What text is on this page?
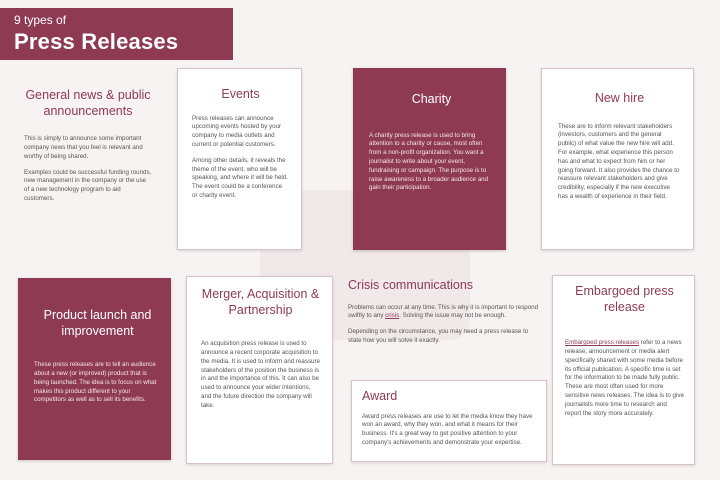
9 types of
Press Releases
General news & public announcements

This is simply to announce some important company news that you feel is relevant and worthy of being shared.

Examples could be successful funding rounds, new management in the company or the use of a new technology program to aid customers.

Events

Press releases can announce upcoming events hosted by your company to media outlets and current or potential customers.

Among other details, it reveals the theme of the event, who will be speaking, and where it will be held. The event could be a conference or charity event.

Charity

A charity press release is used to bring attention to a charity or cause, most often from a non-profit organization. You want a journalist to write about your event, fundraising or campaign. The purpose is to raise awareness to a broader audience and gain their participation.

New hire

These are to inform relevant stakeholders (investors, customers and the general public) of what value the new hire will add. For example, what experience this person has and what to expect from him or her going forward. It also provides the chance to reassure relevant stakeholders and give credibility, especially if the new executive has a wealth of experience in their field.

Product launch and improvement

These press releases are to tell an audience about a new (or improved) product that is being launched. The idea is to focus on what makes this product different to your competitors as well as to sell its benefits.

Merger, Acquisition & Partnership

An acquisition press release is used to announce a recent corporate acquisition to the media. It is used to inform and reassure stakeholders of the position the business is in and the importance of this. It can also be used to announce your wider intentions, and the future direction the company will take.

Crisis communications

Problems can occur at any time. This is why it is important to respond swiftly to any crisis. Solving the issue may not be enough.

Depending on the circumstance, you may need a press release to state how you will solve it exactly.

Award

Award press releases are use to let the media know they have won an award, why they won, and what it means for their business. It's a great way to get positive attention to your company's achievements and demonstrate your expertise.

Embargoed press release

Embargoed press releases refer to a news release, announcement or media alert specifically shared with some media before its official publication. A specific time is set for the information to be made fully public. These are most often used for more sensitive news releases. The idea is to give journalists more time to research and report the story more accurately.
